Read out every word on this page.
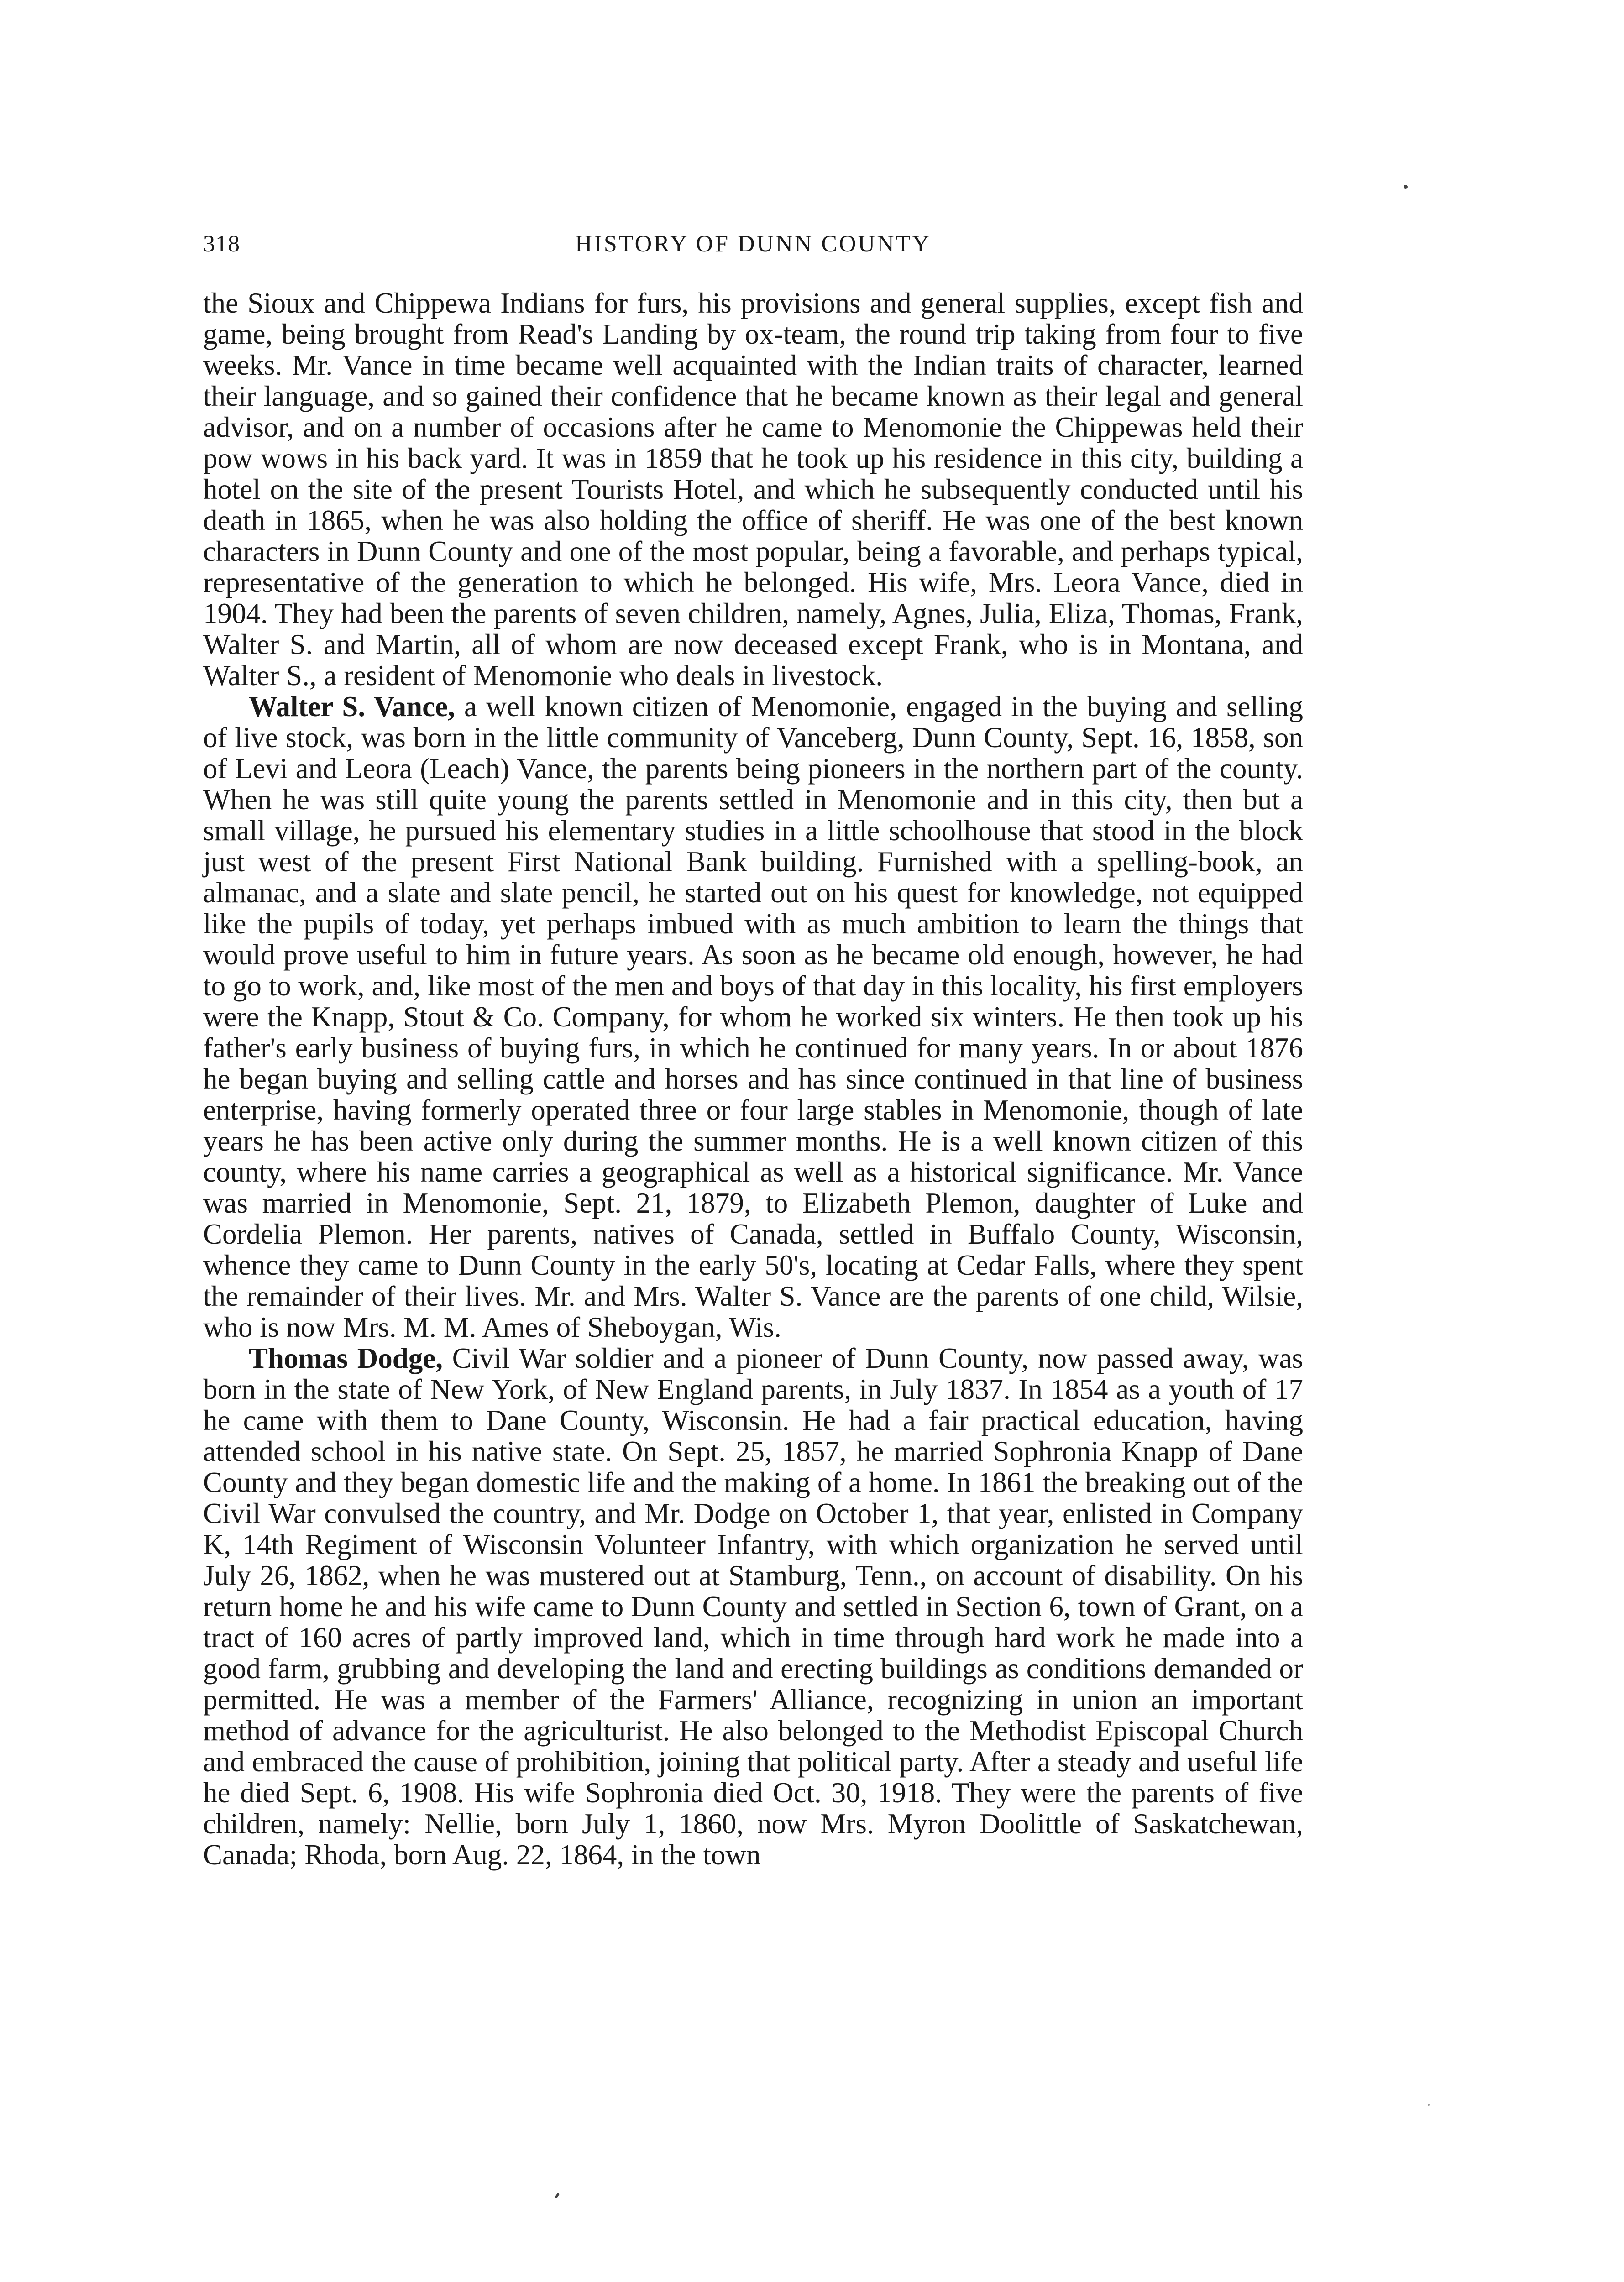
318	HISTORY OF DUNN COUNTY

the Sioux and Chippewa Indians for furs, his provisions and general supplies, except fish and game, being brought from Read's Landing by ox-team, the round trip taking from four to five weeks. Mr. Vance in time became well acquainted with the Indian traits of character, learned their language, and so gained their confidence that he became known as their legal and general advisor, and on a number of occasions after he came to Menomonie the Chippewas held their pow wows in his back yard. It was in 1859 that he took up his residence in this city, building a hotel on the site of the present Tourists Hotel, and which he subsequently conducted until his death in 1865, when he was also holding the office of sheriff. He was one of the best known characters in Dunn County and one of the most popular, being a favorable, and perhaps typical, representative of the generation to which he belonged. His wife, Mrs. Leora Vance, died in 1904. They had been the parents of seven children, namely, Agnes, Julia, Eliza, Thomas, Frank, Walter S. and Martin, all of whom are now deceased except Frank, who is in Montana, and Walter S., a resident of Menomonie who deals in livestock.

Walter S. Vance, a well known citizen of Menomonie, engaged in the buying and selling of live stock, was born in the little community of Vanceberg, Dunn County, Sept. 16, 1858, son of Levi and Leora (Leach) Vance, the parents being pioneers in the northern part of the county. When he was still quite young the parents settled in Menomonie and in this city, then but a small village, he pursued his elementary studies in a little schoolhouse that stood in the block just west of the present First National Bank building. Furnished with a spelling-book, an almanac, and a slate and slate pencil, he started out on his quest for knowledge, not equipped like the pupils of today, yet perhaps imbued with as much ambition to learn the things that would prove useful to him in future years. As soon as he became old enough, however, he had to go to work, and, like most of the men and boys of that day in this locality, his first employers were the Knapp, Stout & Co. Company, for whom he worked six winters. He then took up his father's early business of buying furs, in which he continued for many years. In or about 1876 he began buying and selling cattle and horses and has since continued in that line of business enterprise, having formerly operated three or four large stables in Menomonie, though of late years he has been active only during the summer months. He is a well known citizen of this county, where his name carries a geographical as well as a historical significance. Mr. Vance was married in Menomonie, Sept. 21, 1879, to Elizabeth Plemon, daughter of Luke and Cordelia Plemon. Her parents, natives of Canada, settled in Buffalo County, Wisconsin, whence they came to Dunn County in the early 50's, locating at Cedar Falls, where they spent the remainder of their lives. Mr. and Mrs. Walter S. Vance are the parents of one child, Wilsie, who is now Mrs. M. M. Ames of Sheboygan, Wis.

Thomas Dodge, Civil War soldier and a pioneer of Dunn County, now passed away, was born in the state of New York, of New England parents, in July 1837. In 1854 as a youth of 17 he came with them to Dane County, Wisconsin. He had a fair practical education, having attended school in his native state. On Sept. 25, 1857, he married Sophronia Knapp of Dane County and they began domestic life and the making of a home. In 1861 the breaking out of the Civil War convulsed the country, and Mr. Dodge on October 1, that year, enlisted in Company K, 14th Regiment of Wisconsin Volunteer Infantry, with which organization he served until July 26, 1862, when he was mustered out at Stamburg, Tenn., on account of disability. On his return home he and his wife came to Dunn County and settled in Section 6, town of Grant, on a tract of 160 acres of partly improved land, which in time through hard work he made into a good farm, grubbing and developing the land and erecting buildings as conditions demanded or permitted. He was a member of the Farmers' Alliance, recognizing in union an important method of advance for the agriculturist. He also belonged to the Methodist Episcopal Church and embraced the cause of prohibition, joining that political party. After a steady and useful life he died Sept. 6, 1908. His wife Sophronia died Oct. 30, 1918. They were the parents of five children, namely: Nellie, born July 1, 1860, now Mrs. Myron Doolittle of Saskatchewan, Canada; Rhoda, born Aug. 22, 1864, in the town
